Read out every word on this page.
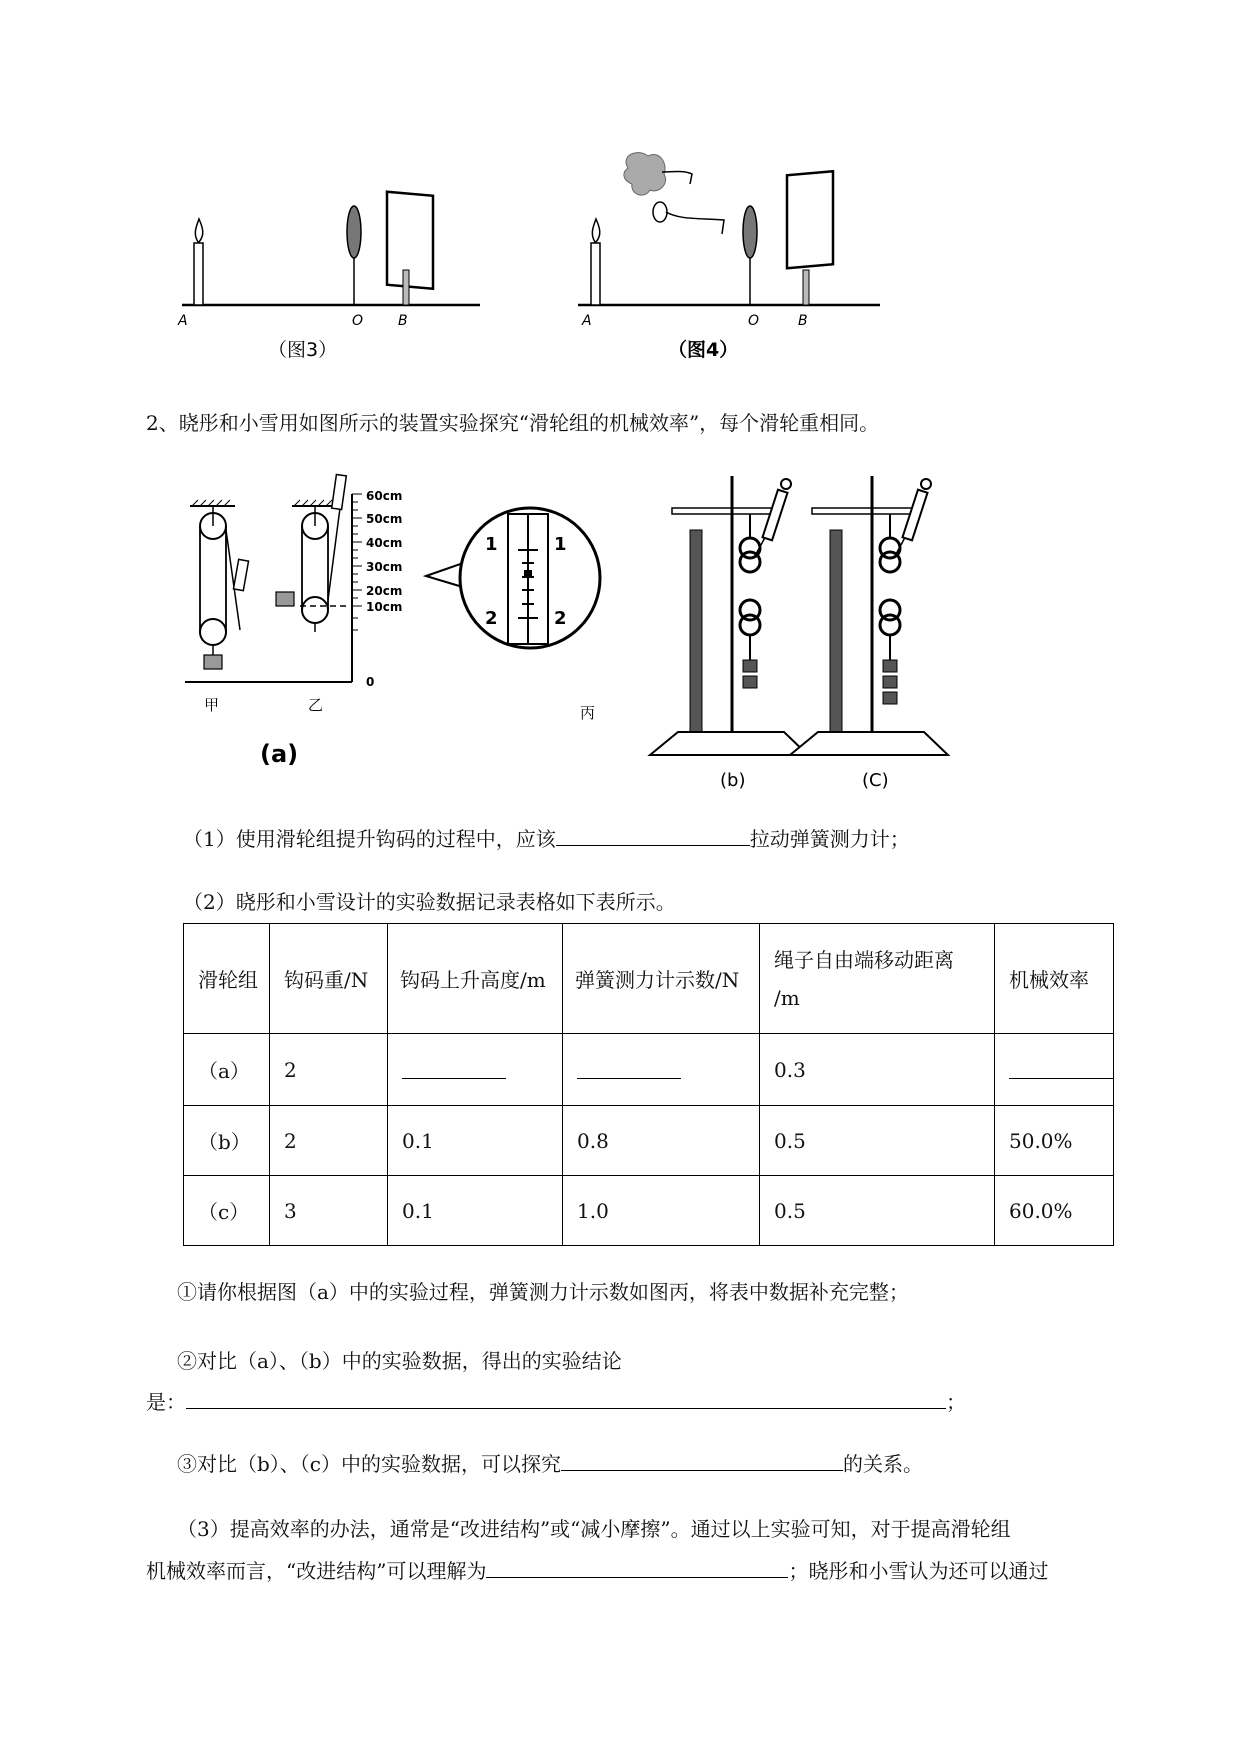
A	O B
（图3）
A	O	B
（图4）
2、晓彤和小雪用如图所示的装置实验探究“滑轮组的机械效率”，每个滑轮重相同。
60cm
50cm
40cm
30cm
20cm
10cm
0
甲	乙
(a)
1
2
1
2
丙
(b)	(C)
（1）使用滑轮组提升钩码的过程中，应该	拉动弹簧测力计；
（2）晓彤和小雪设计的实验数据记录表格如下表所示。
滑轮组	钩码重/N	钩码上升高度/m	弹簧测力计示数/N	绳子自由端移动距离
/m	机械效率
（a）	2			0.3	
（b）	2	0.1	0.8	0.5	50.0%
（c）	3	0.1	1.0	0.5	60.0%
①请你根据图（a）中的实验过程，弹簧测力计示数如图丙，将表中数据补充完整；
②对比（a）、（b）中的实验数据，得出的实验结论
是：	；
③对比（b）、（c）中的实验数据，可以探究	的关系。
（3）提高效率的办法，通常是“改进结构”或“减小摩擦”。通过以上实验可知，对于提高滑轮组
机械效率而言，“改进结构”可以理解为	；晓彤和小雪认为还可以通过
